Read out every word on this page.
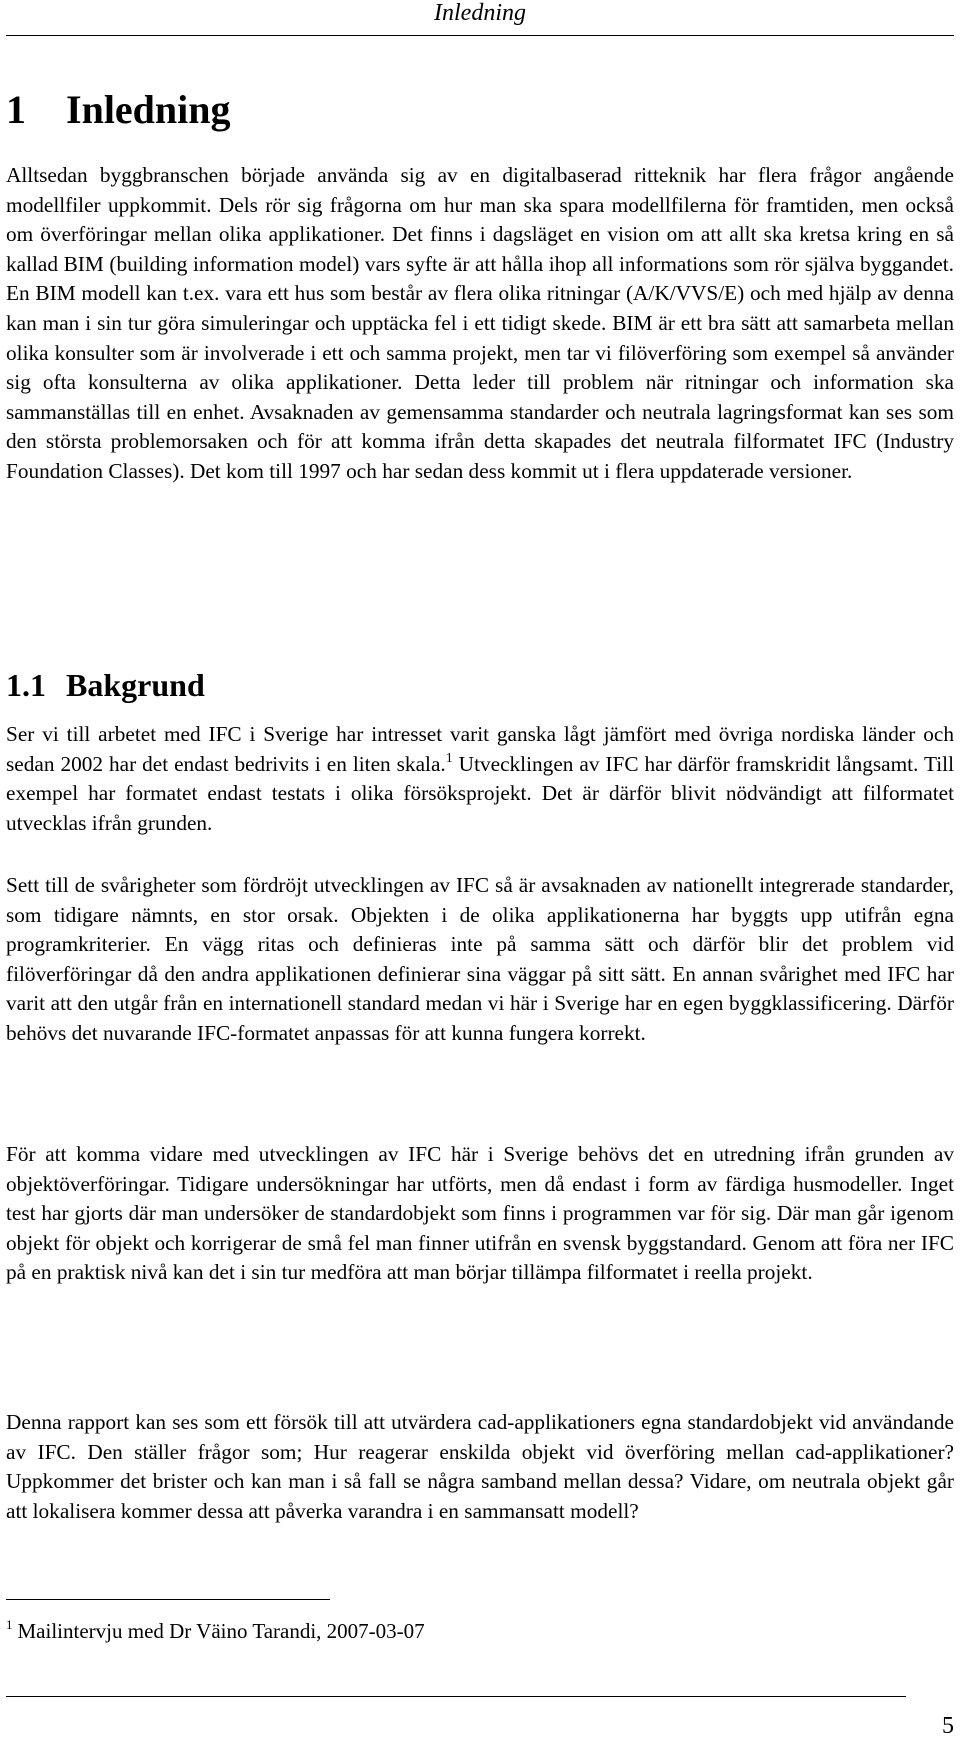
Inledning
1 Inledning

Alltsedan byggbranschen började använda sig av en digitalbaserad ritteknik har flera frågor angående modellfiler uppkommit. Dels rör sig frågorna om hur man ska spara modellfilerna för framtiden, men också om överföringar mellan olika applikationer. Det finns i dagsläget en vision om att allt ska kretsa kring en så kallad BIM (building information model) vars syfte är att hålla ihop all informations som rör själva byggandet. En BIM modell kan t.ex. vara ett hus som består av flera olika ritningar (A/K/VVS/E) och med hjälp av denna kan man i sin tur göra simuleringar och upptäcka fel i ett tidigt skede. BIM är ett bra sätt att samarbeta mellan olika konsulter som är involverade i ett och samma projekt, men tar vi filöverföring som exempel så använder sig ofta konsulterna av olika applikationer. Detta leder till problem när ritningar och information ska sammanställas till en enhet. Avsaknaden av gemensamma standarder och neutrala lagringsformat kan ses som den största problemorsaken och för att komma ifrån detta skapades det neutrala filformatet IFC (Industry Foundation Classes). Det kom till 1997 och har sedan dess kommit ut i flera uppdaterade versioner.

1.1 Bakgrund

Ser vi till arbetet med IFC i Sverige har intresset varit ganska lågt jämfört med övriga nordiska länder och sedan 2002 har det endast bedrivits i en liten skala.$^1$ Utvecklingen av IFC har därför framskridit långsamt. Till exempel har formatet endast testats i olika försöksprojekt. Det är därför blivit nödvändigt att filformatet utvecklas ifrån grunden.

Sett till de svårigheter som fördröjt utvecklingen av IFC så är avsaknaden av nationellt integrerade standarder, som tidigare nämnts, en stor orsak. Objekten i de olika applikationerna har byggts upp utifrån egna programkriterier. En vägg ritas och definieras inte på samma sätt och därför blir det problem vid filöverföringar då den andra applikationen definierar sina väggar på sitt sätt. En annan svårighet med IFC har varit att den utgår från en internationell standard medan vi här i Sverige har en egen byggklassificering. Därför behövs det nuvarande IFC-formatet anpassas för att kunna fungera korrekt.

För att komma vidare med utvecklingen av IFC här i Sverige behövs det en utredning ifrån grunden av objektöverföringar. Tidigare undersökningar har utförts, men då endast i form av färdiga husmodeller. Inget test har gjorts där man undersöker de standardobjekt som finns i programmen var för sig. Där man går igenom objekt för objekt och korrigerar de små fel man finner utifrån en svensk byggstandard. Genom att föra ner IFC på en praktisk nivå kan det i sin tur medföra att man börjar tillämpa filformatet i reella projekt.

Denna rapport kan ses som ett försök till att utvärdera cad-applikationers egna standardobjekt vid användande av IFC. Den ställer frågor som; Hur reagerar enskilda objekt vid överföring mellan cad-applikationer? Uppkommer det brister och kan man i så fall se några samband mellan dessa? Vidare, om neutrala objekt går att lokalisera kommer dessa att påverka varandra i en sammansatt modell?

$^1$ Mailintervju med Dr Väino Tarandi, 2007-03-07

5
